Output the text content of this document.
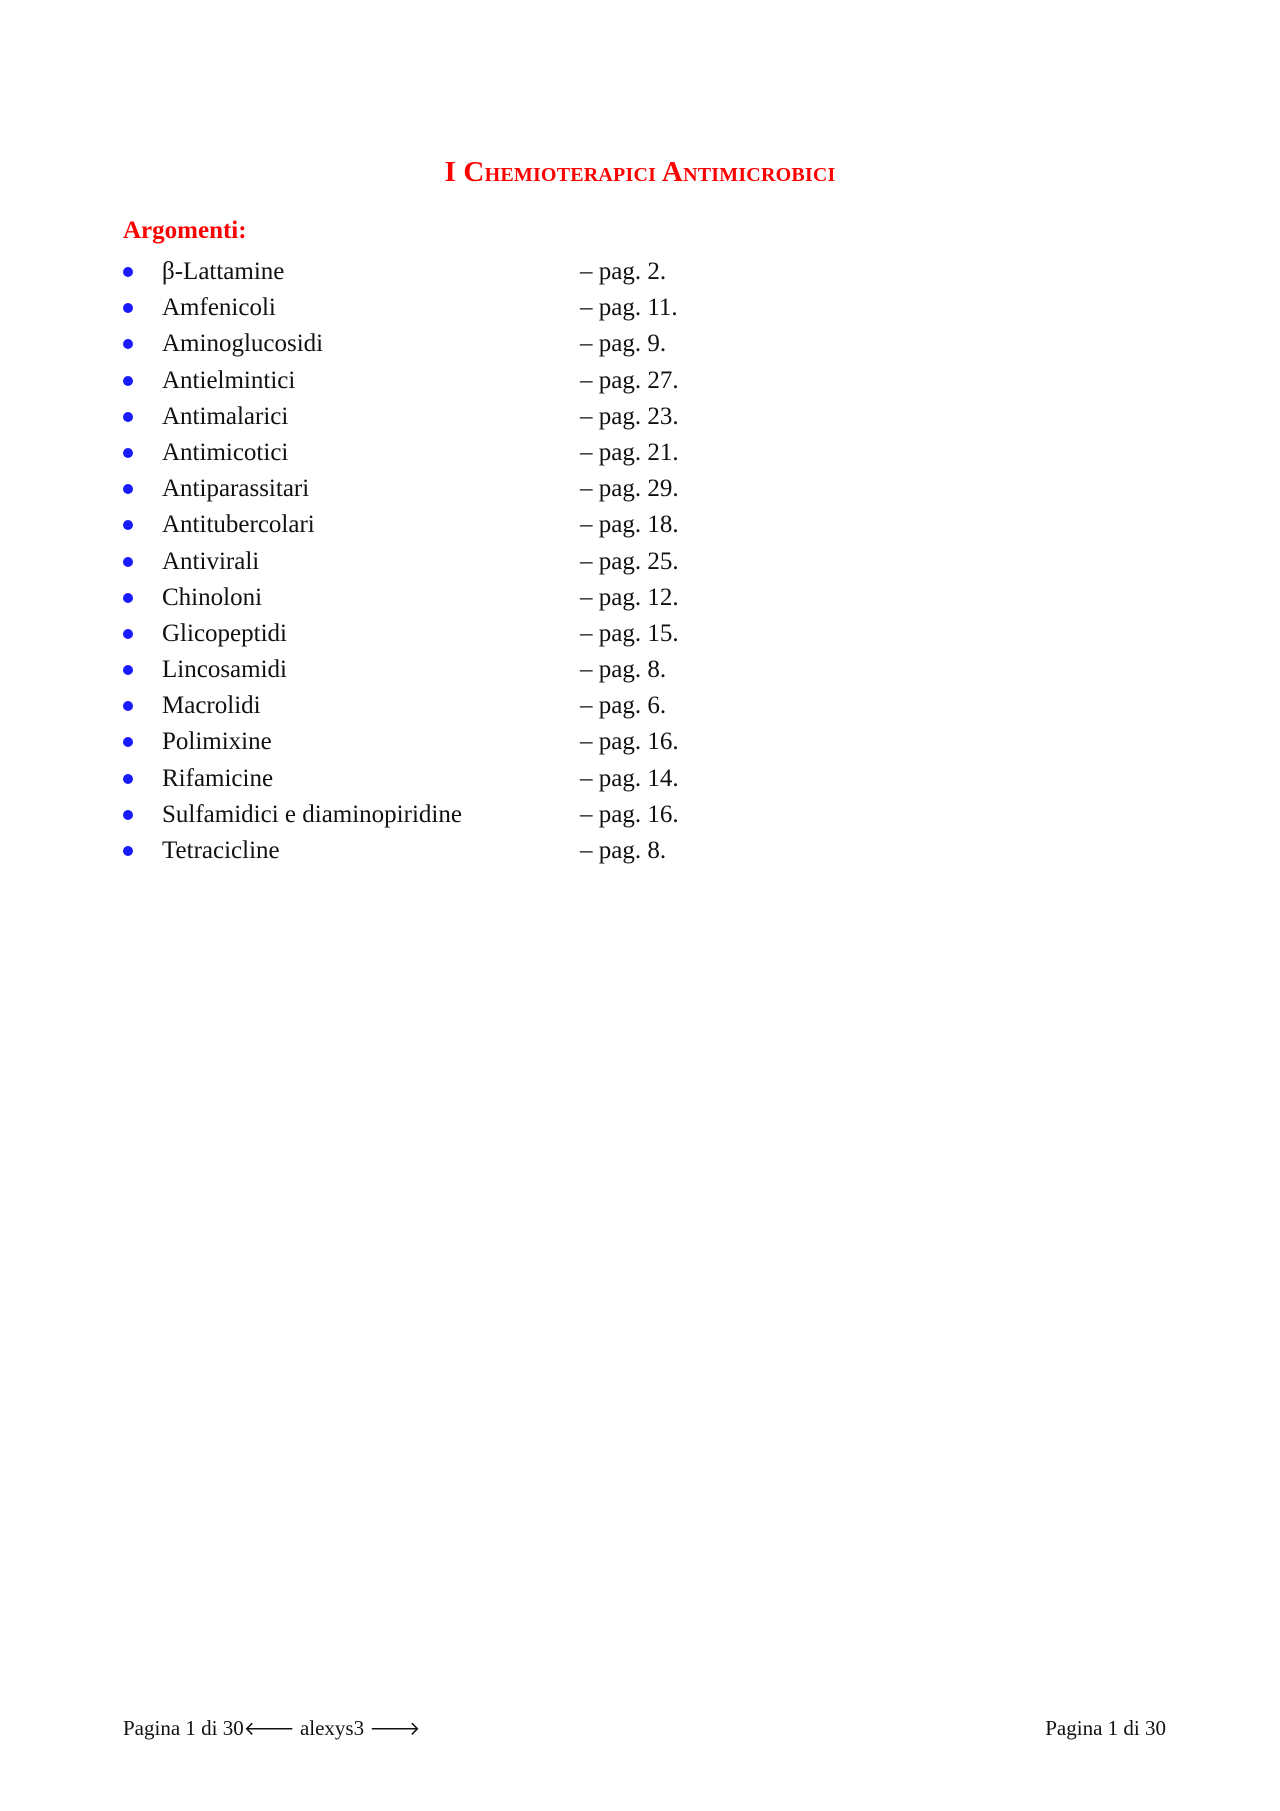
I Chemioterapici Antimicrobici
Argomenti:
β-Lattamine	– pag. 2.
Amfenicoli	– pag. 11.
Aminoglucosidi	– pag. 9.
Antielmintici	– pag. 27.
Antimalarici	– pag. 23.
Antimicotici	– pag. 21.
Antiparassitari	– pag. 29.
Antitubercolari	– pag. 18.
Antivirali	– pag. 25.
Chinoloni	– pag. 12.
Glicopeptidi	– pag. 15.
Lincosamidi	– pag. 8.
Macrolidi	– pag. 6.
Polimixine	– pag. 16.
Rifamicine	– pag. 14.
Sulfamidici e diaminopiridine	– pag. 16.
Tetracicline	– pag. 8.
Pagina 1 di 30🡐 alexys3 🡒	Pagina 1 di 30
